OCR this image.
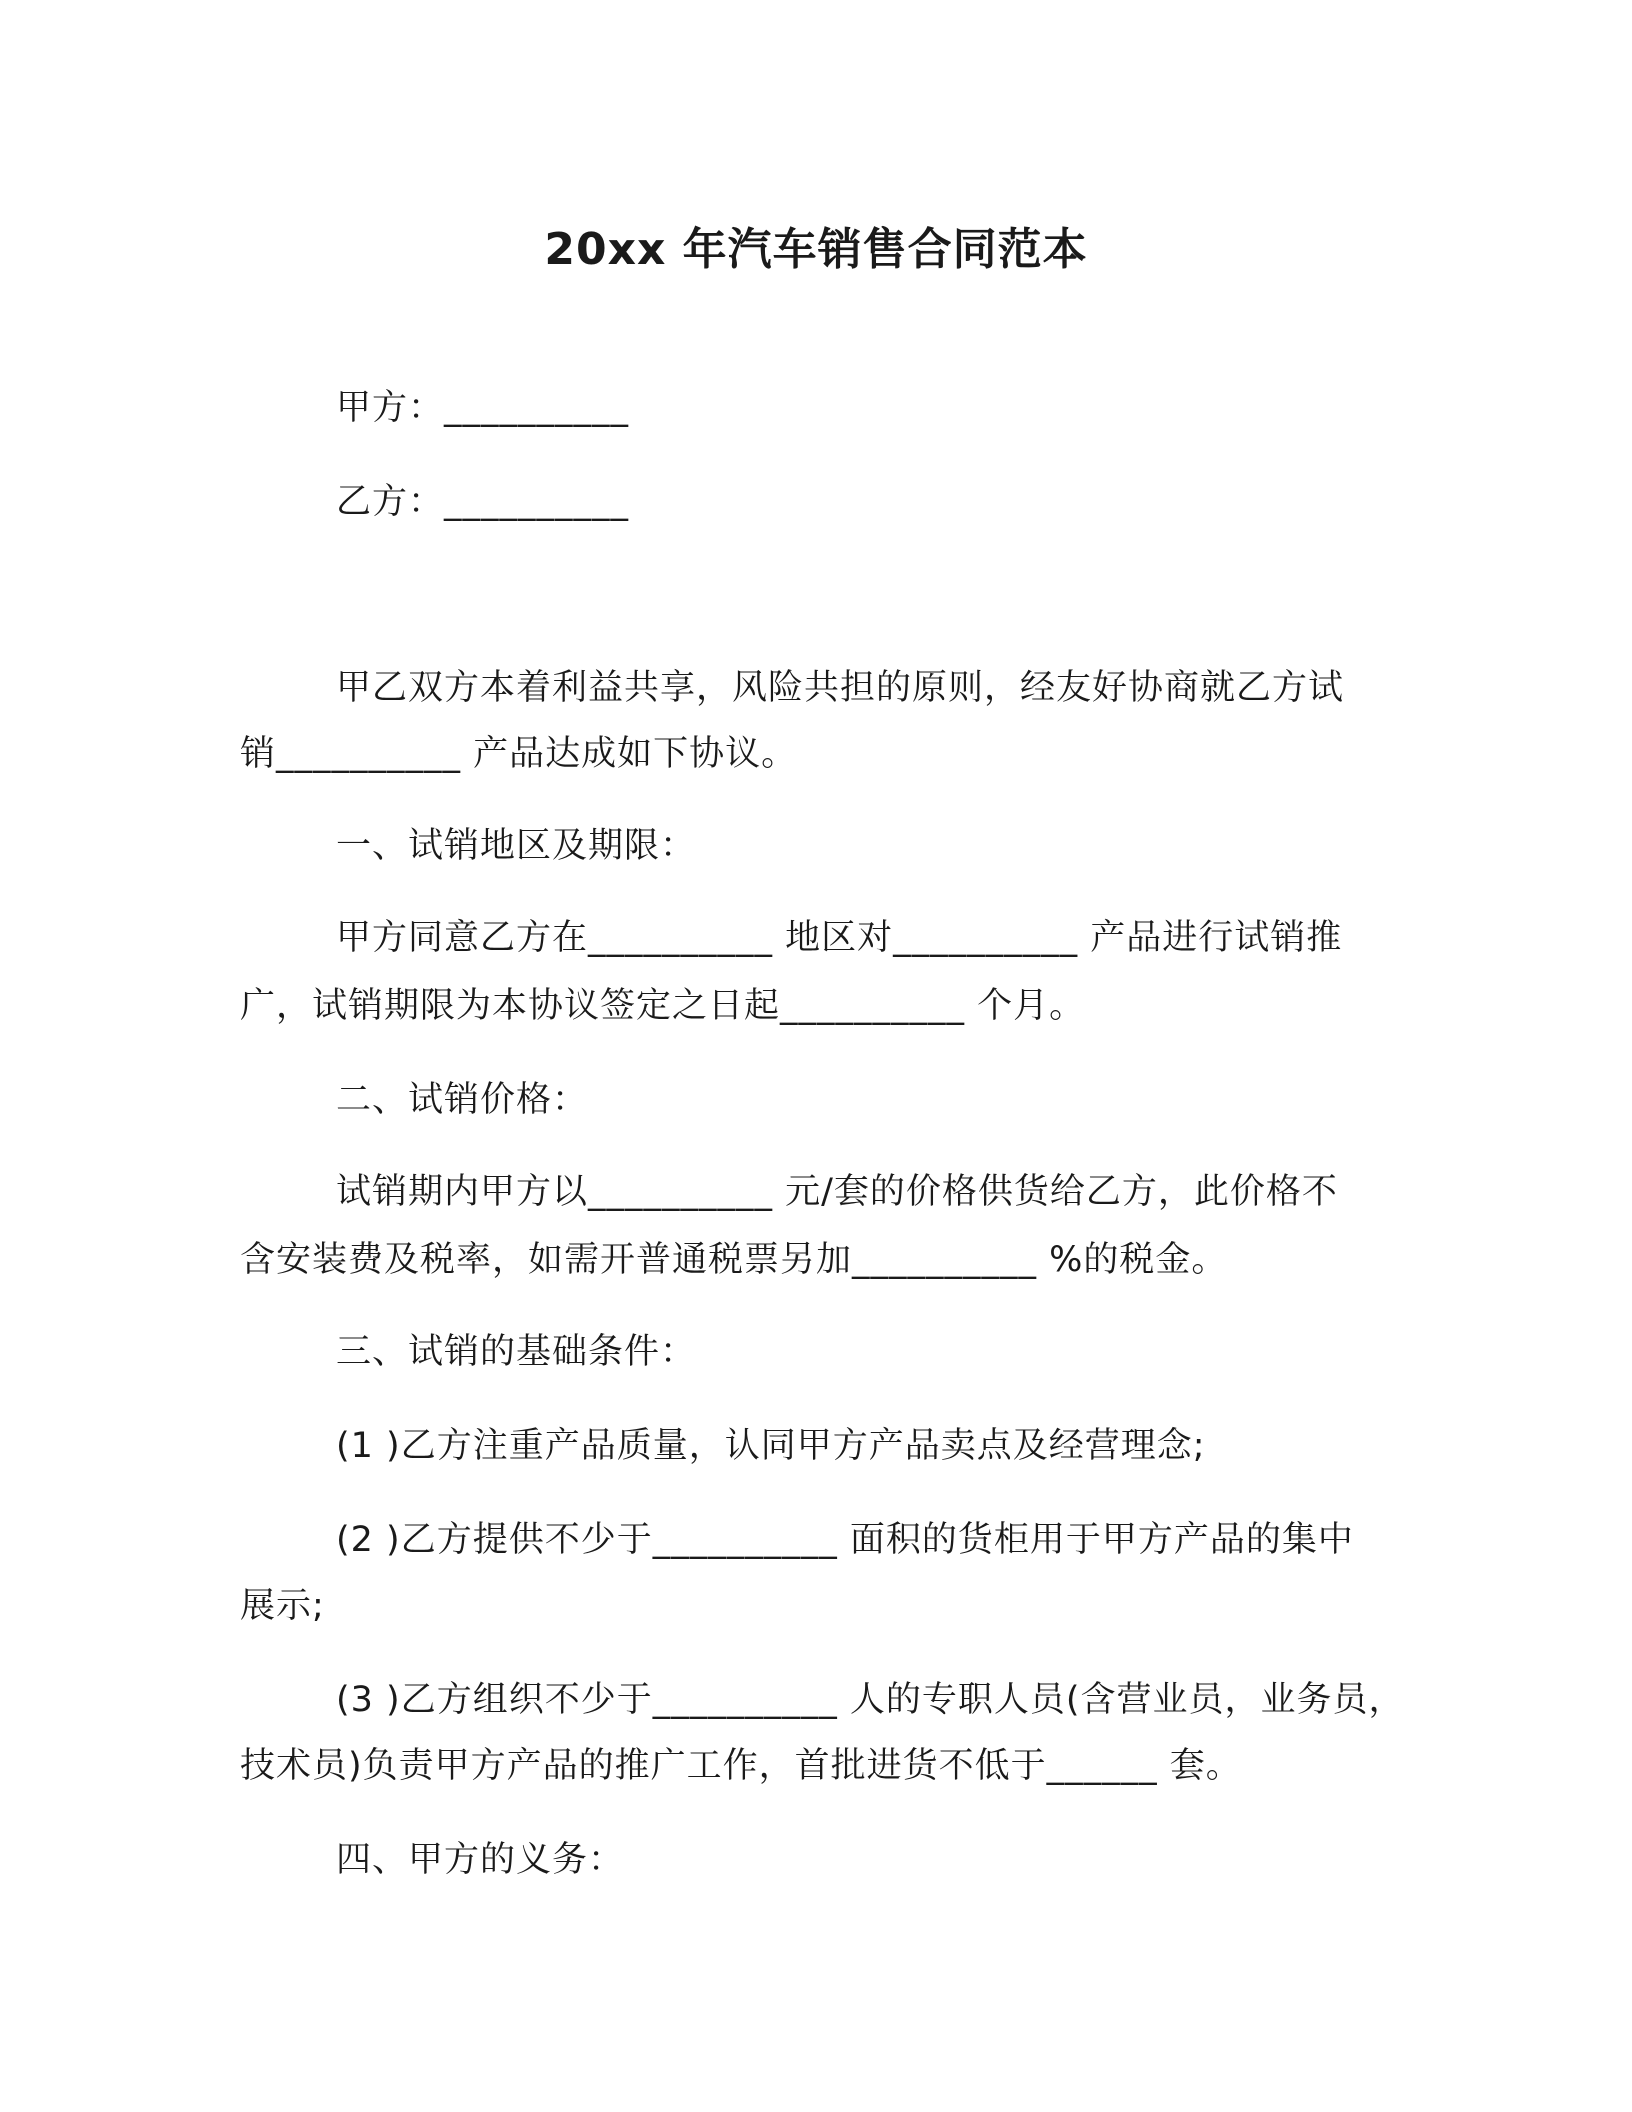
20xx 年汽车销售合同范本
甲方：__________
乙方：__________
甲乙双方本着利益共享，风险共担的原则，经友好协商就乙方试
销__________ 产品达成如下协议。
一、试销地区及期限：
甲方同意乙方在__________ 地区对__________ 产品进行试销推
广，试销期限为本协议签定之日起__________ 个月。
二、试销价格：
试销期内甲方以__________ 元/套的价格供货给乙方，此价格不
含安装费及税率，如需开普通税票另加__________ %的税金。
三、试销的基础条件：
(1 )乙方注重产品质量，认同甲方产品卖点及经营理念;
(2 )乙方提供不少于__________ 面积的货柜用于甲方产品的集中
展示;
(3 )乙方组织不少于__________ 人的专职人员(含营业员，业务员，
技术员)负责甲方产品的推广工作，首批进货不低于______ 套。
四、甲方的义务：
